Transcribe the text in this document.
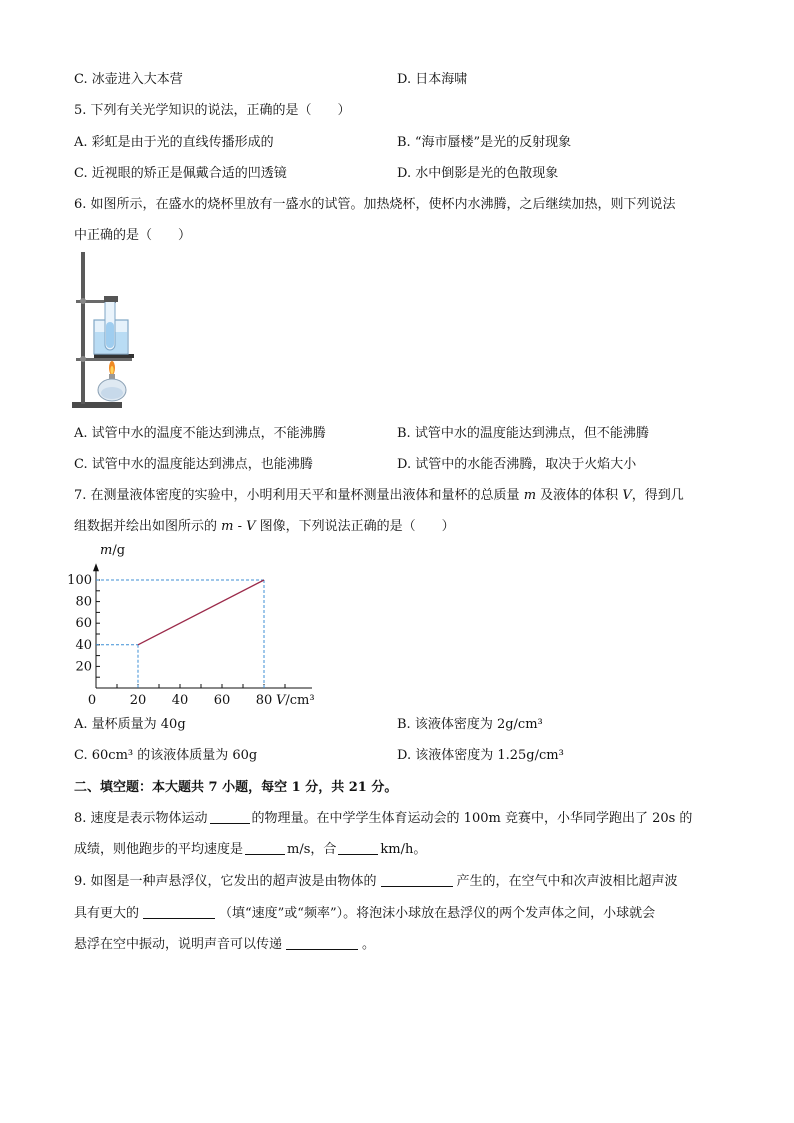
C. 冰壶进入大本营	D. 日本海啸
5. 下列有关光学知识的说法，正确的是（　　）
A. 彩虹是由于光的直线传播形成的	B. “海市蜃楼”是光的反射现象
C. 近视眼的矫正是佩戴合适的凹透镜	D. 水中倒影是光的色散现象
6. 如图所示，在盛水的烧杯里放有一盛水的试管。加热烧杯，使杯内水沸腾，之后继续加热，则下列说法
中正确的是（　　）
A. 试管中水的温度不能达到沸点，不能沸腾	B. 试管中水的温度能达到沸点，但不能沸腾
C. 试管中水的温度能达到沸点，也能沸腾	D. 试管中的水能否沸腾，取决于火焰大小
7. 在测量液体密度的实验中，小明利用天平和量杯测量出液体和量杯的总质量 m 及液体的体积 V，得到几
组数据并绘出如图所示的 m - V 图像，下列说法正确的是（　　）
0	20 40 60 80
20
40
60
80
100
m/g
V/cm³
A. 量杯质量为 40g	B. 该液体密度为 2g/cm³
C. 60cm³ 的该液体质量为 60g	D. 该液体密度为 1.25g/cm³
二、填空题：本大题共 7 小题，每空 1 分，共 21 分。
8. 速度是表示物体运动	的物理量。在中学学生体育运动会的 100m 竞赛中，小华同学跑出了 20s 的
成绩，则他跑步的平均速度是	m/s，合	km/h。
9. 如图是一种声悬浮仪，它发出的超声波是由物体的	产生的，在空气中和次声波相比超声波
具有更大的	（填“速度”或“频率”）。将泡沫小球放在悬浮仪的两个发声体之间，小球就会
悬浮在空中振动，说明声音可以传递	。
